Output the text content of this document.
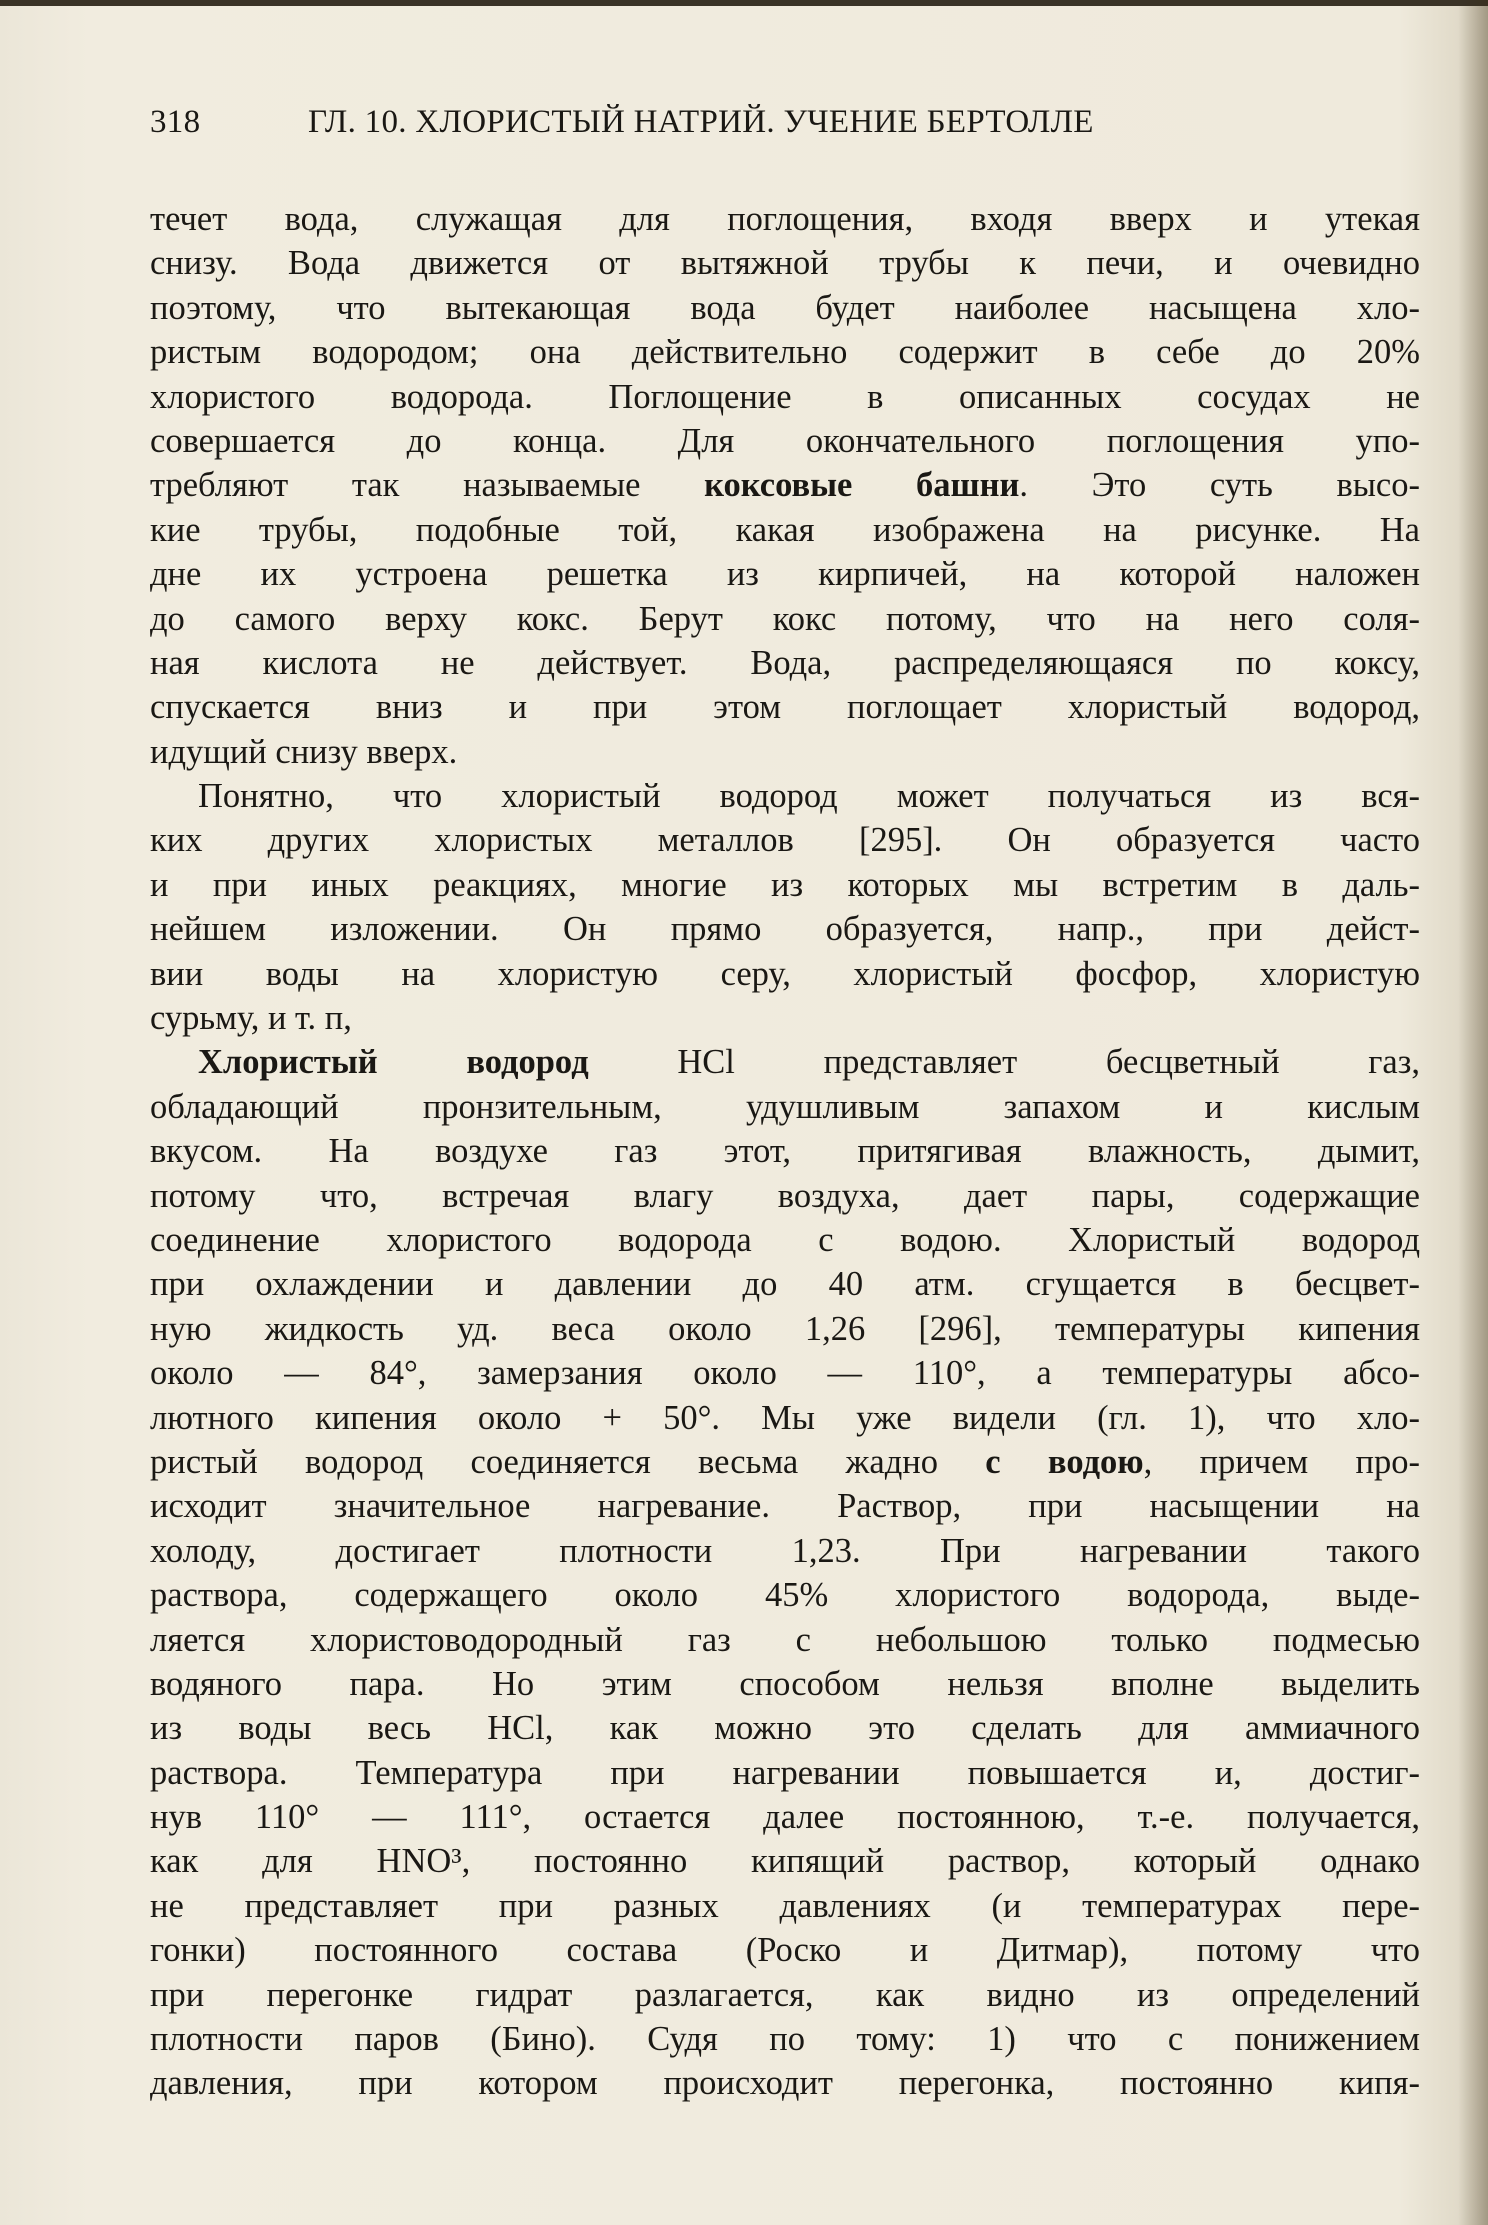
318	ГЛ. 10. ХЛОРИСТЫЙ НАТРИЙ. УЧЕНИЕ БЕРТОЛЛЕ
течет вода, служащая для поглощения, входя вверх и утекая
снизу. Вода движется от вытяжной трубы к печи, и очевидно
поэтому, что вытекающая вода будет наиболее насыщена хло-
ристым водородом; она действительно содержит в себе до 20%
хлористого водорода. Поглощение в описанных сосудах не
совершается до конца. Для окончательного поглощения упо-
требляют так называемые коксовые башни. Это суть высо-
кие трубы, подобные той, какая изображена на рисунке. На
дне их устроена решетка из кирпичей, на которой наложен
до самого верху кокс. Берут кокс потому, что на него соля-
ная кислота не действует. Вода, распределяющаяся по коксу,
спускается вниз и при этом поглощает хлористый водород,
идущий снизу вверх.
Понятно, что хлористый водород может получаться из вся-
ких других хлористых металлов [295]. Он образуется часто
и при иных реакциях, многие из которых мы встретим в даль-
нейшем изложении. Он прямо образуется, напр., при дейст-
вии воды на хлористую серу, хлористый фосфор, хлористую
сурьму, и т. п,
Хлористый водород HCl представляет бесцветный газ,
обладающий пронзительным, удушливым запахом и кислым
вкусом. На воздухе газ этот, притягивая влажность, дымит,
потому что, встречая влагу воздуха, дает пары, содержащие
соединение хлористого водорода с водою. Хлористый водород
при охлаждении и давлении до 40 атм. сгущается в бесцвет-
ную жидкость уд. веса около 1,26 [296], температуры кипения
около — 84°, замерзания около — 110°, а температуры абсо-
лютного кипения около + 50°. Мы уже видели (гл. 1), что хло-
ристый водород соединяется весьма жадно с водою, причем про-
исходит значительное нагревание. Раствор, при насыщении на
холоду, достигает плотности 1,23. При нагревании такого
раствора, содержащего около 45% хлористого водорода, выде-
ляется хлористоводородный газ с небольшою только подмесью
водяного пара. Но этим способом нельзя вполне выделить
из воды весь HCl, как можно это сделать для аммиачного
раствора. Температура при нагревании повышается и, достиг-
нув 110° — 111°, остается далее постоянною, т.-е. получается,
как для HNO³, постоянно кипящий раствор, который однако
не представляет при разных давлениях (и температурах пере-
гонки) постоянного состава (Роско и Дитмар), потому что
при перегонке гидрат разлагается, как видно из определений
плотности паров (Бино). Судя по тому: 1) что с понижением
давления, при котором происходит перегонка, постоянно кипя-
